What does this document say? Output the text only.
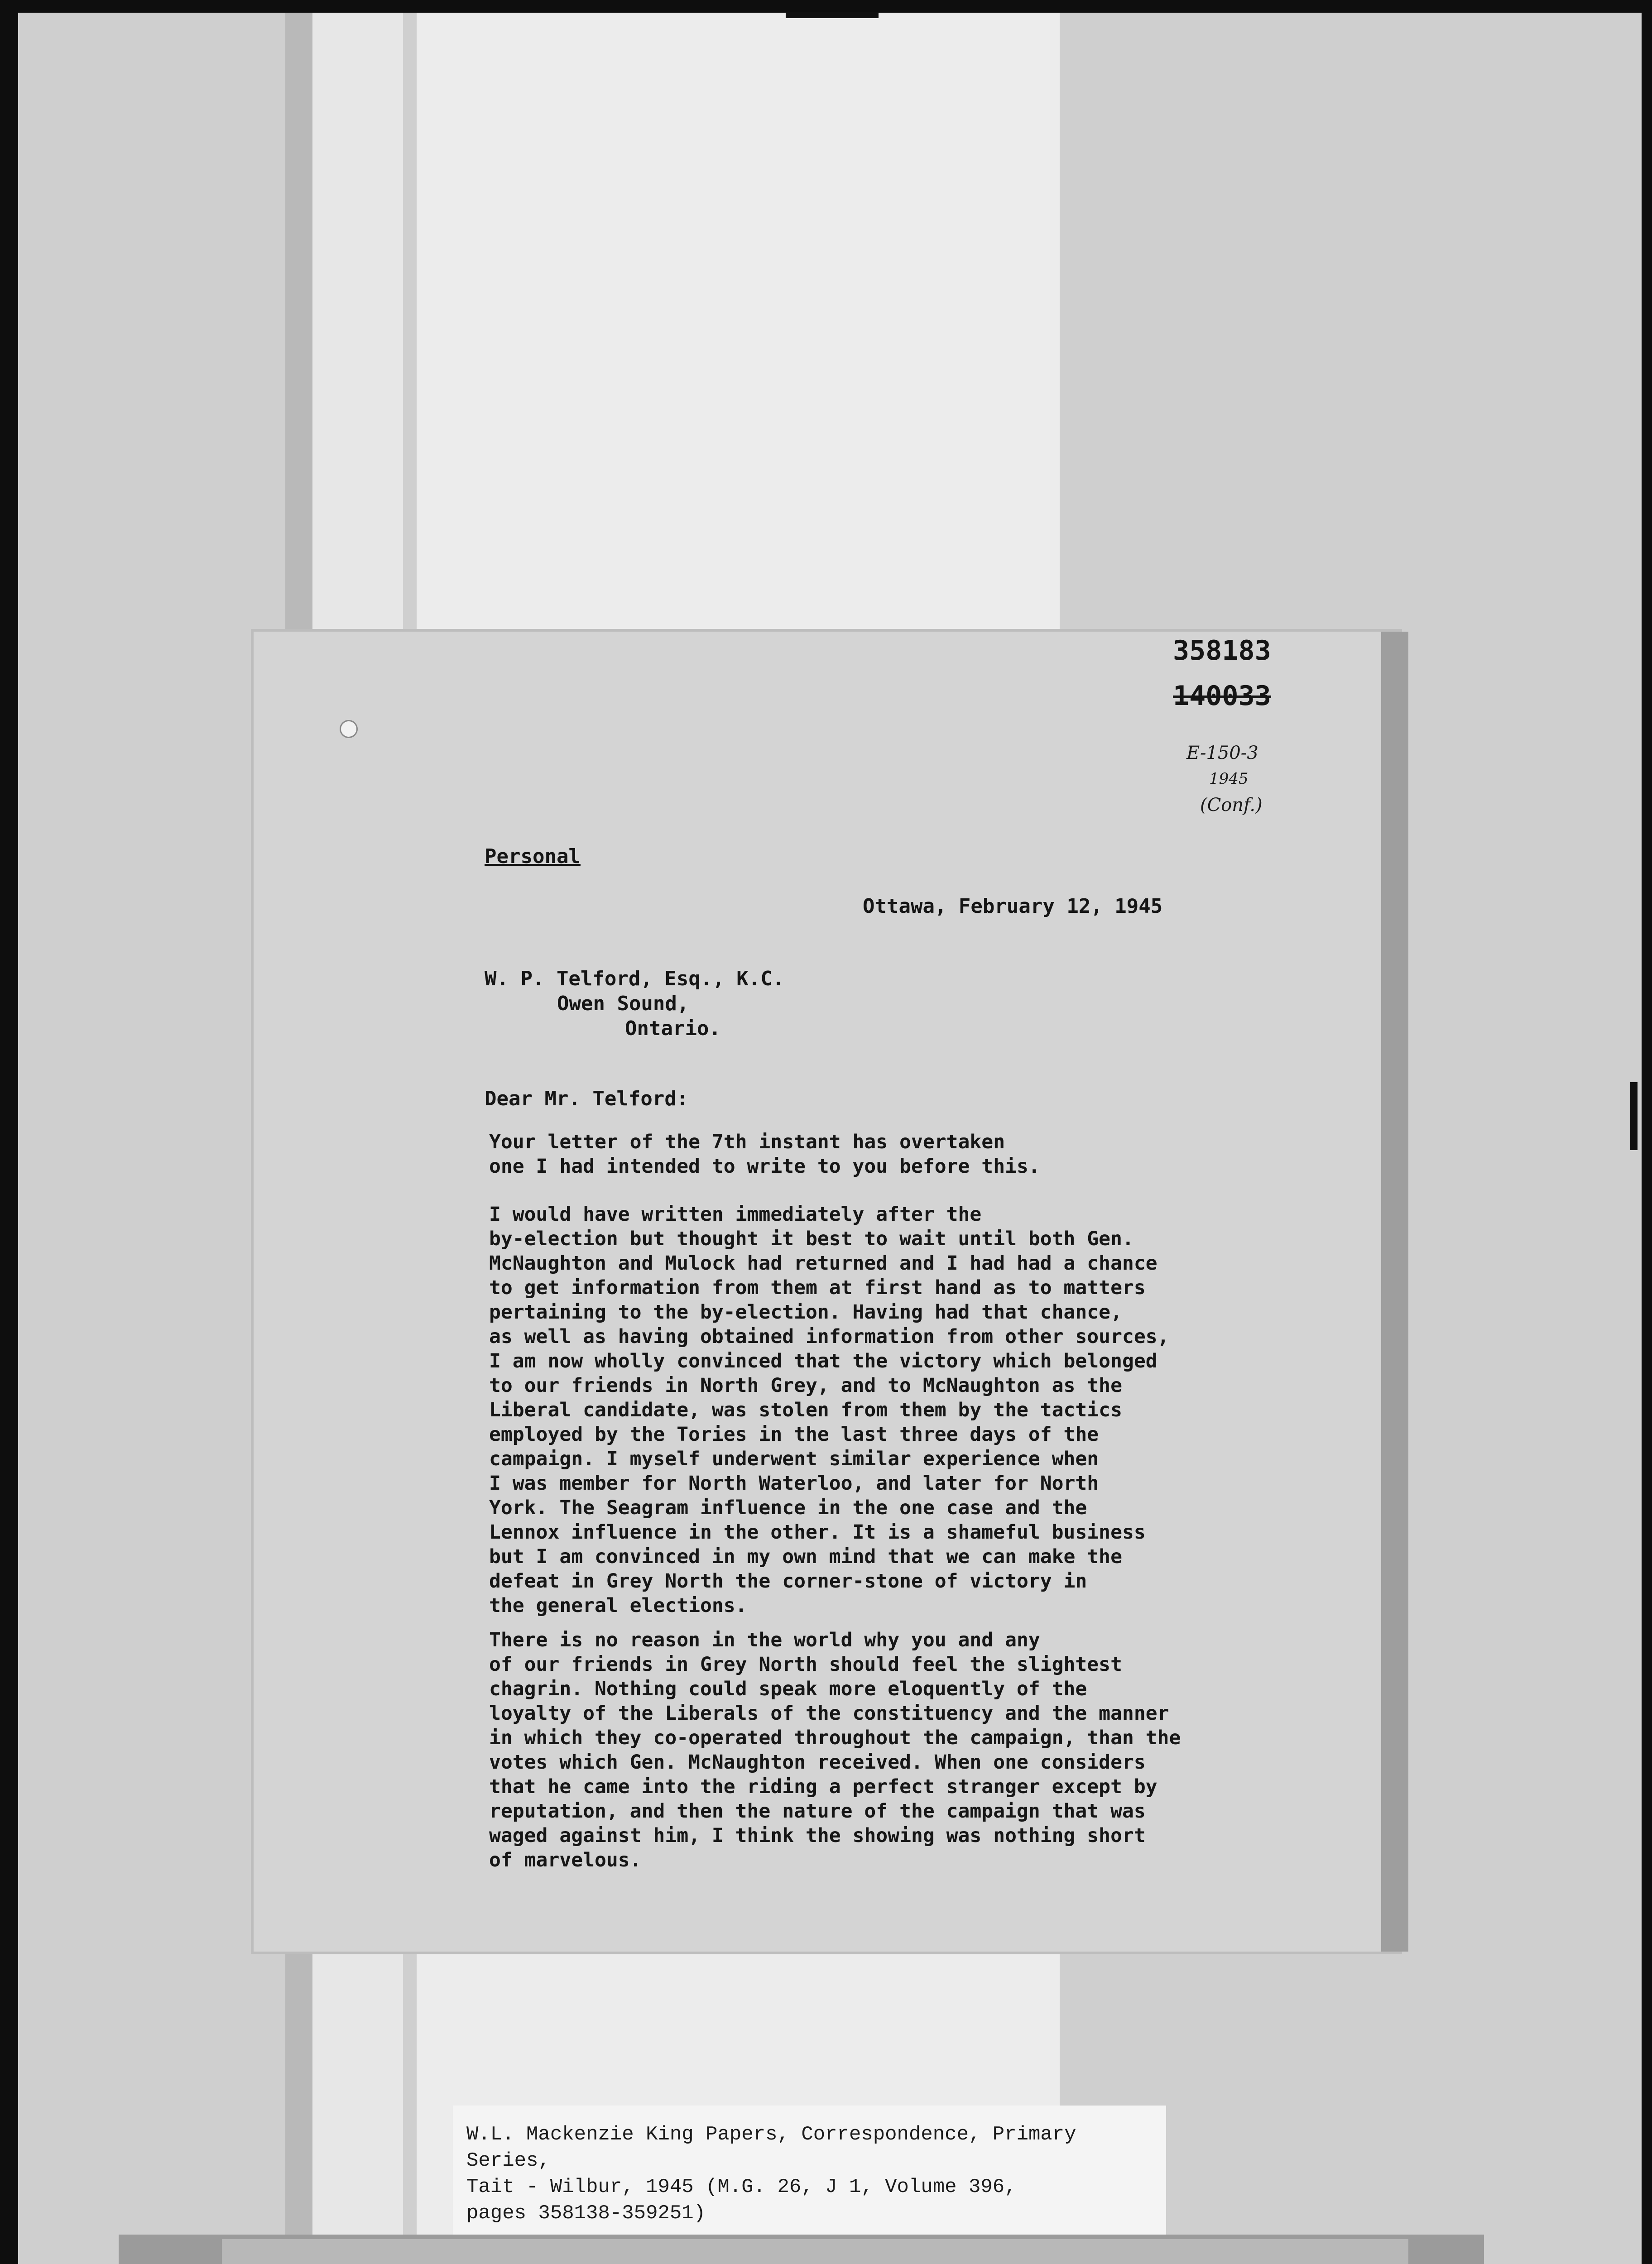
358183
140033
E-150-3
1945
(Conf.)
Personal
Ottawa, February 12, 1945
W. P. Telford, Esq., K.C.
Owen Sound,
Ontario.
Dear Mr. Telford:
Your letter of the 7th instant has overtaken
one I had intended to write to you before this.
I would have written immediately after the
by-election but thought it best to wait until both Gen.
McNaughton and Mulock had returned and I had had a chance
to get information from them at first hand as to matters
pertaining to the by-election. Having had that chance,
as well as having obtained information from other sources,
I am now wholly convinced that the victory which belonged
to our friends in North Grey, and to McNaughton as the
Liberal candidate, was stolen from them by the tactics
employed by the Tories in the last three days of the
campaign. I myself underwent similar experience when
I was member for North Waterloo, and later for North
York. The Seagram influence in the one case and the
Lennox influence in the other. It is a shameful business
but I am convinced in my own mind that we can make the
defeat in Grey North the corner-stone of victory in
the general elections.
There is no reason in the world why you and any
of our friends in Grey North should feel the slightest
chagrin. Nothing could speak more eloquently of the
loyalty of the Liberals of the constituency and the manner
in which they co-operated throughout the campaign, than the
votes which Gen. McNaughton received. When one considers
that he came into the riding a perfect stranger except by
reputation, and then the nature of the campaign that was
waged against him, I think the showing was nothing short
of marvelous.
W.L. Mackenzie King Papers, Correspondence, Primary Series,
Tait - Wilbur, 1945 (M.G. 26, J 1, Volume 396,
pages 358138-359251)
